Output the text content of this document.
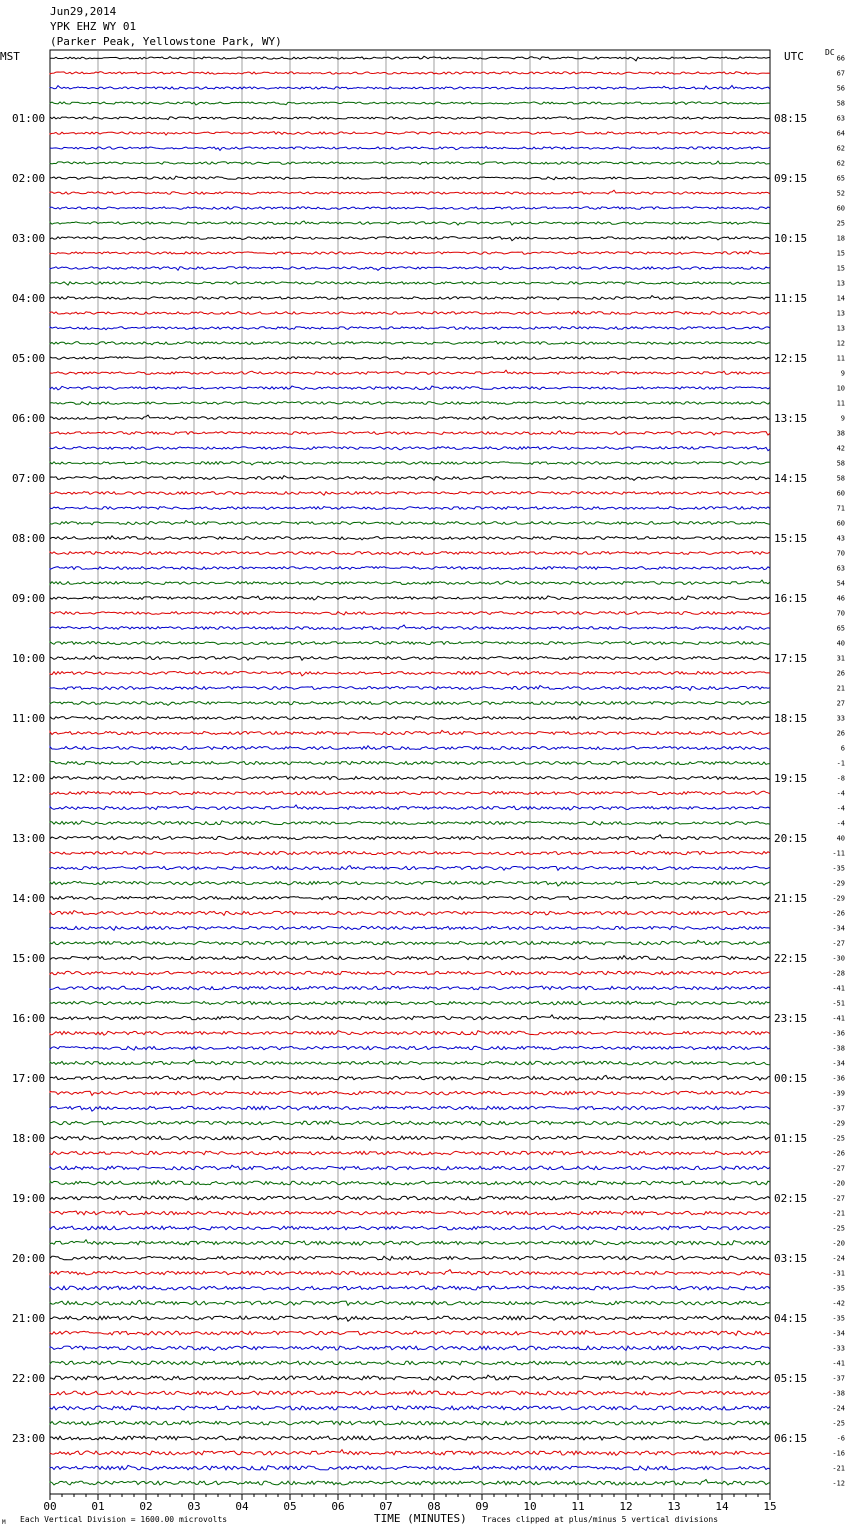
Jun29,2014
YPK EHZ WY 01
(Parker Peak, Yellowstone Park, WY)
MST	UTC	DC
66
67
56
58
63
64
62
62
65
52
60
25
18
15
15
13
14
13
13
12
11
9
10
11
9
38
42
58
58
60
71
60
43
70
63
54
46
70
65
40
31
26
21
27
33
26
6
-1
-8
-4
-4
-4
40
-11
-35
-29
-29
-26
-34
-27
-30
-28
-41
-51
-41
-36
-38
-34
-36
-39
-37
-29
-25
-26
-27
-20
-27
-21
-25
-20
-24
-31
-35
-42
-35
-34
-33
-41
-37
-38
-24
-25
-6
-16
-21
-12
01:00	08:15
02:00	09:15
03:00	10:15
04:00	11:15
05:00	12:15
06:00	13:15
07:00	14:15
08:00	15:15
09:00	16:15
10:00	17:15
11:00	18:15
12:00	19:15
13:00	20:15
14:00	21:15
15:00	22:15
16:00	23:15
17:00	00:15
18:00	01:15
19:00	02:15
20:00	03:15
21:00	04:15
22:00	05:15
23:00	06:15
00	01	02	03	04	05	06	07	08	09	10	11	12	13	14	15
Each Vertical Division = 1600.00 microvolts	TIME (MINUTES) Traces clipped at plus/minus 5 vertical divisions
M
